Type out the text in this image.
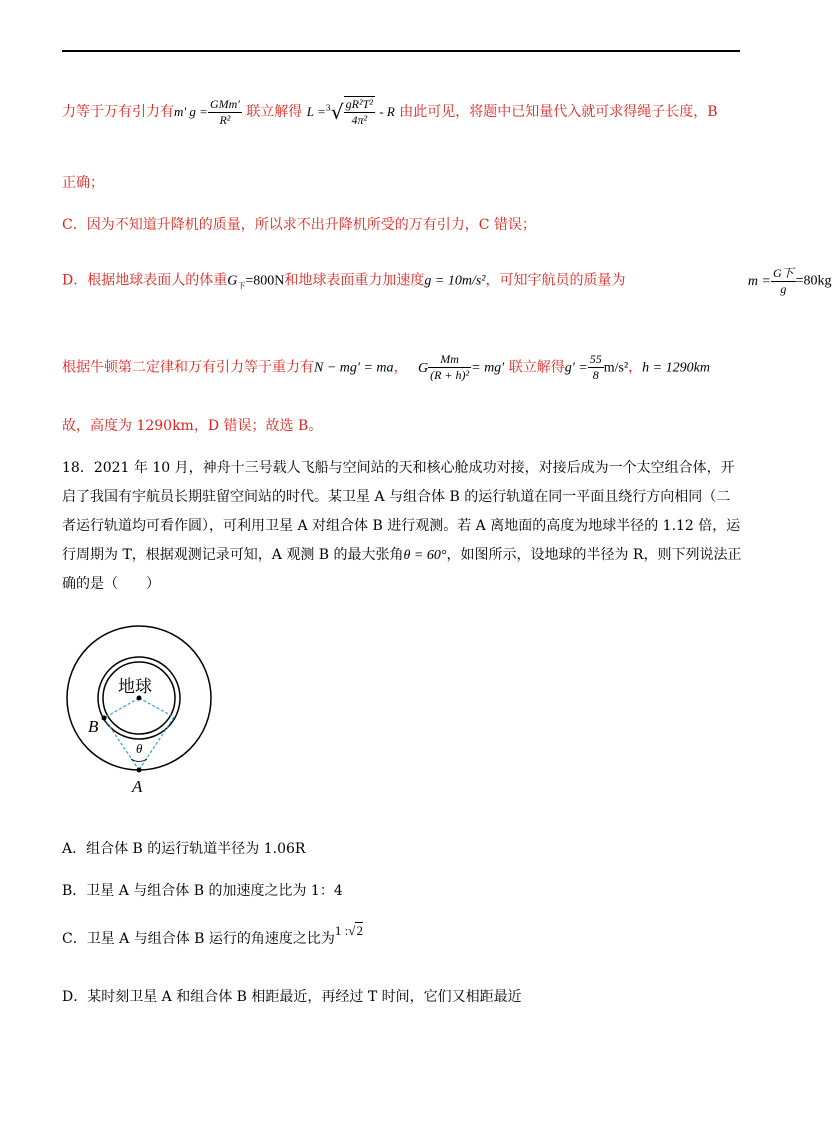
力等于万有引力有m' $g = \frac{\text{GMm'}}{\text{R²}}$ 联立解得 $L =^3√ \frac{\text{gR²T²}}{\text{4π²}} - R$ 由此可见，将题中已知量代入就可求得绳子长度，B
正确；
C．因为不知道升降机的质量，所以求不出升降机所受的万有引力，C 错误；
D．根据地球表面人的体重$G_下=800N$和地球表面重力加速度g = 10m/s²，可知宇航员的质量为	$m = \frac{\text{G下}}{g} =80kg$
根据牛顿第二定律和万有引力等于重力有N − mg′ = ma， G $\frac{Mm}{\text{(R + h)²}} = mg'$ 联立解得$g' = \frac{55}{8} m/s^2$，h = 1290km
故，高度为 1290km，D 错误；故选 B。
18．2021 年 10 月，神舟十三号载人飞船与空间站的天和核心舱成功对接，对接后成为一个太空组合体，开启了我国有宇航员长期驻留空间站的时代。某卫星 A 与组合体 B 的运行轨道在同一平面且绕行方向相同（二者运行轨道均可看作圆），可利用卫星 A 对组合体 B 进行观测。若 A 离地面的高度为地球半径的 1.12 倍，运行周期为 T，根据观测记录可知，A 观测 B 的最大张角θ = 60°，如图所示，设地球的半径为 R，则下列说法正确的是（　　）
地球
B
A
θ
A．组合体 B 的运行轨道半径为 1.06R
B．卫星 A 与组合体 B 的加速度之比为 1：4
C．卫星 A 与组合体 B 运行的角速度之比为1 :√2
D．某时刻卫星 A 和组合体 B 相距最近，再经过 T 时间，它们又相距最近
